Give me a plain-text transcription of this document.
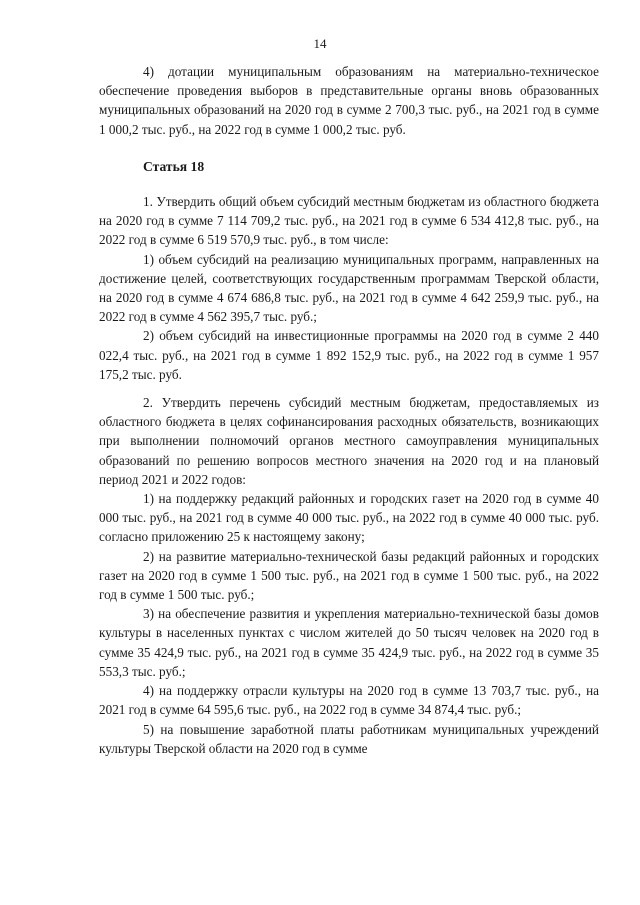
14

4) дотации муниципальным образованиям на материально-техническое обеспечение проведения выборов в представительные органы вновь образованных муниципальных образований на 2020 год в сумме 2 700,3 тыс. руб., на 2021 год в сумме 1 000,2 тыс. руб., на 2022 год в сумме 1 000,2 тыс. руб.

Статья 18

1. Утвердить общий объем субсидий местным бюджетам из областного бюджета на 2020 год в сумме 7 114 709,2 тыс. руб., на 2021 год в сумме 6 534 412,8 тыс. руб., на 2022 год в сумме 6 519 570,9 тыс. руб., в том числе:

1) объем субсидий на реализацию муниципальных программ, направленных на достижение целей, соответствующих государственным программам Тверской области, на 2020 год в сумме 4 674 686,8 тыс. руб., на 2021 год в сумме 4 642 259,9 тыс. руб., на 2022 год в сумме 4 562 395,7 тыс. руб.;

2) объем субсидий на инвестиционные программы на 2020 год в сумме 2 440 022,4 тыс. руб., на 2021 год в сумме 1 892 152,9 тыс. руб., на 2022 год в сумме 1 957 175,2 тыс. руб.

2. Утвердить перечень субсидий местным бюджетам, предоставляемых из областного бюджета в целях софинансирования расходных обязательств, возникающих при выполнении полномочий органов местного самоуправления муниципальных образований по решению вопросов местного значения на 2020 год и на плановый период 2021 и 2022 годов:

1) на поддержку редакций районных и городских газет на 2020 год в сумме 40 000 тыс. руб., на 2021 год в сумме 40 000 тыс. руб., на 2022 год в сумме 40 000 тыс. руб. согласно приложению 25 к настоящему закону;

2) на развитие материально-технической базы редакций районных и городских газет на 2020 год в сумме 1 500 тыс. руб., на 2021 год в сумме 1 500 тыс. руб., на 2022 год в сумме 1 500 тыс. руб.;

3) на обеспечение развития и укрепления материально-технической базы домов культуры в населенных пунктах с числом жителей до 50 тысяч человек на 2020 год в сумме 35 424,9 тыс. руб., на 2021 год в сумме 35 424,9 тыс. руб., на 2022 год в сумме 35 553,3 тыс. руб.;

4) на поддержку отрасли культуры на 2020 год в сумме 13 703,7 тыс. руб., на 2021 год в сумме 64 595,6 тыс. руб., на 2022 год в сумме 34 874,4 тыс. руб.;

5) на повышение заработной платы работникам муниципальных учреждений культуры Тверской области на 2020 год в сумме
